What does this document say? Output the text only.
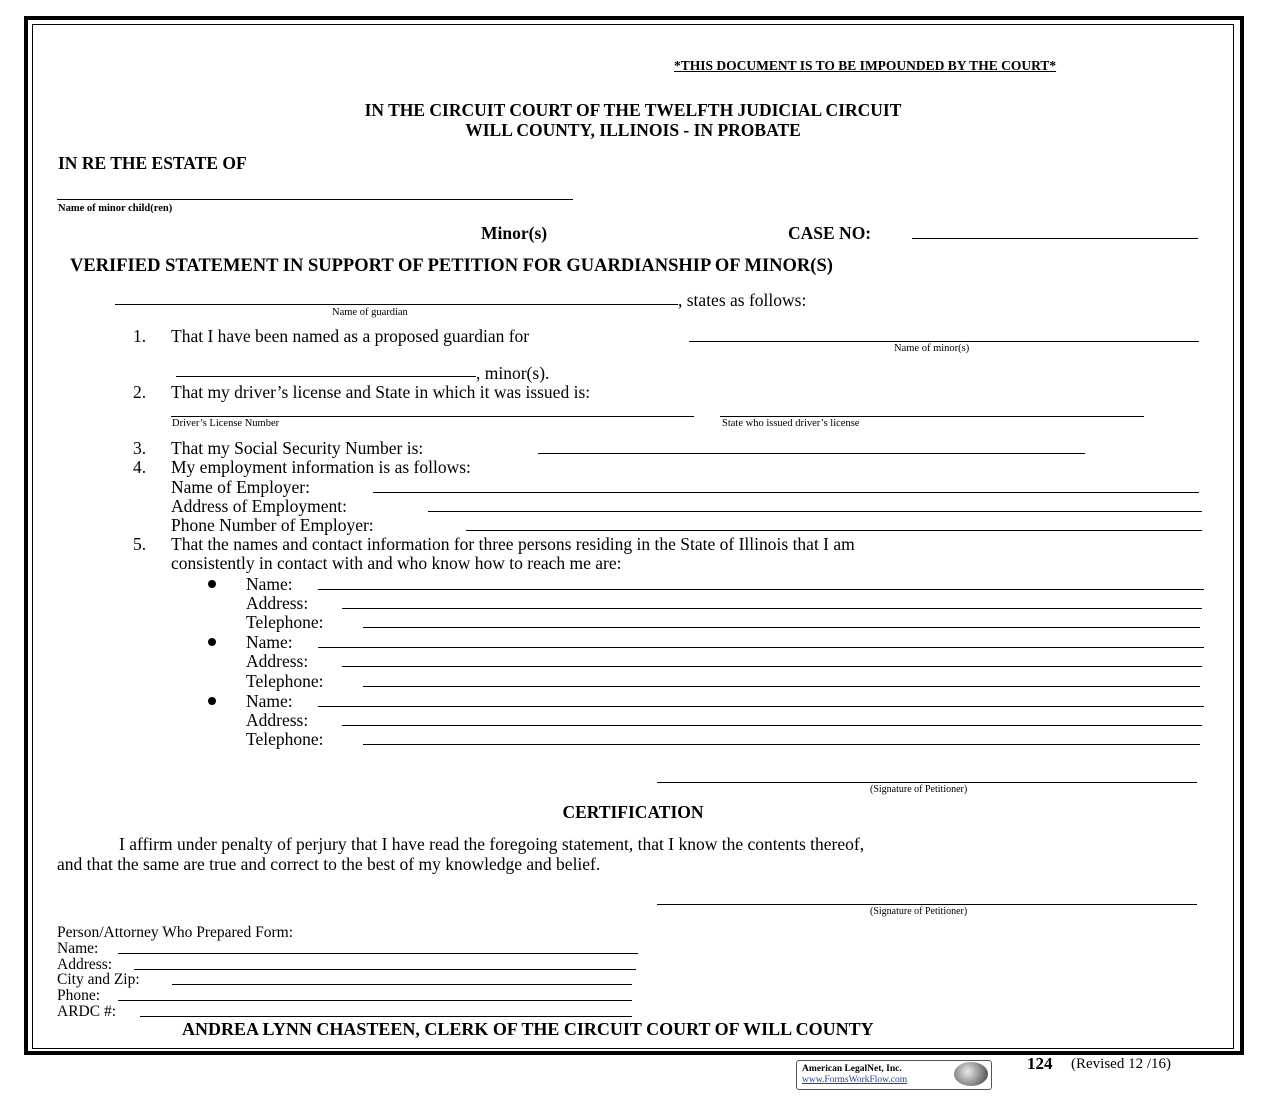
*THIS DOCUMENT IS TO BE IMPOUNDED BY THE COURT*
IN THE CIRCUIT COURT OF THE TWELFTH JUDICIAL CIRCUIT
WILL COUNTY, ILLINOIS - IN PROBATE
IN RE THE ESTATE OF
Name of minor child(ren)
Minor(s)	CASE NO:
VERIFIED STATEMENT IN SUPPORT OF PETITION FOR GUARDIANSHIP OF MINOR(S)
, states as follows:
Name of guardian
1. That I have been named as a proposed guardian for
Name of minor(s)
, minor(s).
2. That my driver’s license and State in which it was issued is:
Driver’s License Number	State who issued driver’s license
3. That my Social Security Number is:
4. My employment information is as follows:
Name of Employer:
Address of Employment:
Phone Number of Employer:
5. That the names and contact information for three persons residing in the State of Illinois that I am
consistently in contact with and who know how to reach me are:
Name:
Address:
Telephone:
Name:
Address:
Telephone:
Name:
Address:
Telephone:
(Signature of Petitioner)
CERTIFICATION
I affirm under penalty of perjury that I have read the foregoing statement, that I know the contents thereof,
and that the same are true and correct to the best of my knowledge and belief.
(Signature of Petitioner)
Person/Attorney Who Prepared Form:
Name:
Address:
City and Zip:
Phone:
ARDC #:
ANDREA LYNN CHASTEEN, CLERK OF THE CIRCUIT COURT OF WILL COUNTY
American LegalNet, Inc.
www.FormsWorkFlow.com
124 (Revised 12 /16)
